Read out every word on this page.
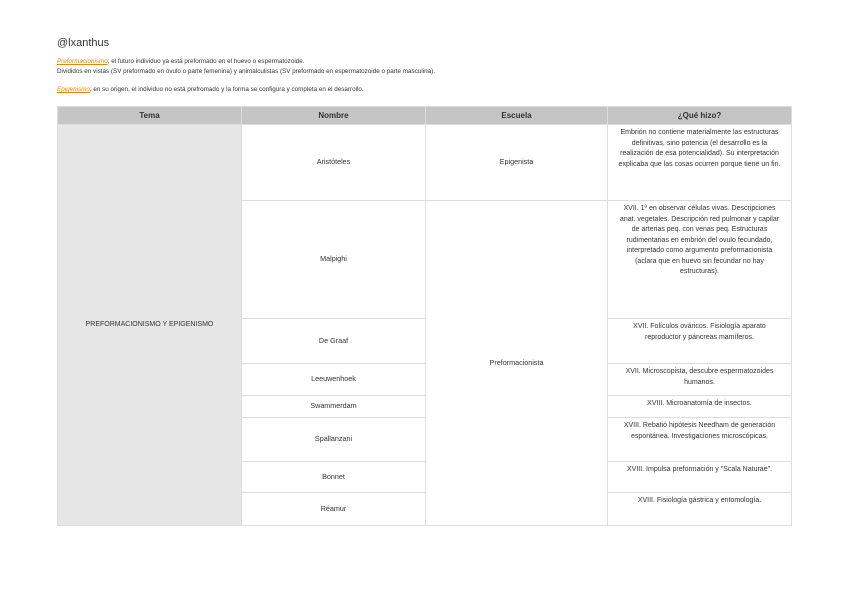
@lxanthus
Preformacionismo; el futuro individuo ya está preformado en el huevo o espermatozoide.
Divididos en vistas (SV preformado en óvulo o parte femenina) y animalculistas (SV preformado en espermatozoide o parte masculina).
Epigenismo; en su origen, el individuo no está prefromado y la forma se configura y completa en el desarrollo.
Tema	Nombre	Escuela	¿Qué hizo?
PREFORMACIONISMO Y EPIGENISMO	Aristóteles	Epigenista	Embrión no contiene materialmente las estructuras definitivas, sino potencia (el desarrollo es la realización de esa potencialidad). Su interpretación explicaba que las cosas ocurren porque tiene un fin.
	Malpighi	Preformacionista	XVII. 1º en observar células vivas. Descripciones anat. vegetales. Descripción red pulmonar y capilar de arterias peq. con venas peq. Estructuras rudimentarias en embrión del ovulo fecundado, interpretado como argumento preformacionista (aclara que en huevo sin fecundar no hay estructuras).
	De Graaf		XVII. Folículos ováricos. Fisiología aparato reproductor y páncreas mamíferos.
	Leeuwenhoek		XVII. Microscopista, descubre espermatozoides humanos.
	Swammerdam		XVIII. Microanatomía de insectos.
	Spallanzani		XVIII. Rebatió hipótesis Needham de generación espontánea. Investigaciones microscópicas.
	Bonnet		XVIII. Impulsa preformación y "Scala Naturae".
	Réamur		XVIII. Fisiología gástrica y entomología.
